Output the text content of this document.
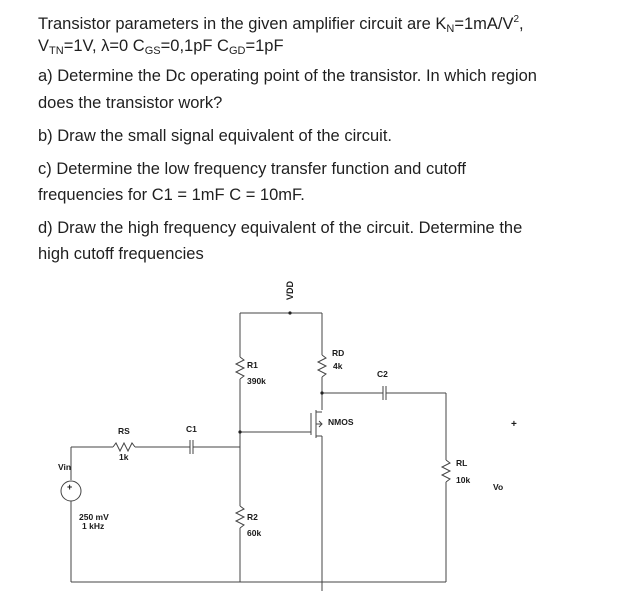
Transistor parameters in the given amplifier circuit are $K_N=1mA/V^2$,
$V_{TN}=1V$, λ=0 $C_{GS}=0,1pF$ $C_{GD}=1pF$
a) Determine the Dc operating point of the transistor. In which region
does the transistor work?
b) Draw the small signal equivalent of the circuit.
c) Determine the low frequency transfer function and cutoff
frequencies for C1 = 1mF C = 10mF.
d) Draw the high frequency equivalent of the circuit. Determine the
high cutoff frequencies
+
VDD
R1
390k
RD
4k
C2
NMOS
RS
1k
C1
Vin
250 mV
1 kHz
R2
60k
RL
10k
+
Vo
